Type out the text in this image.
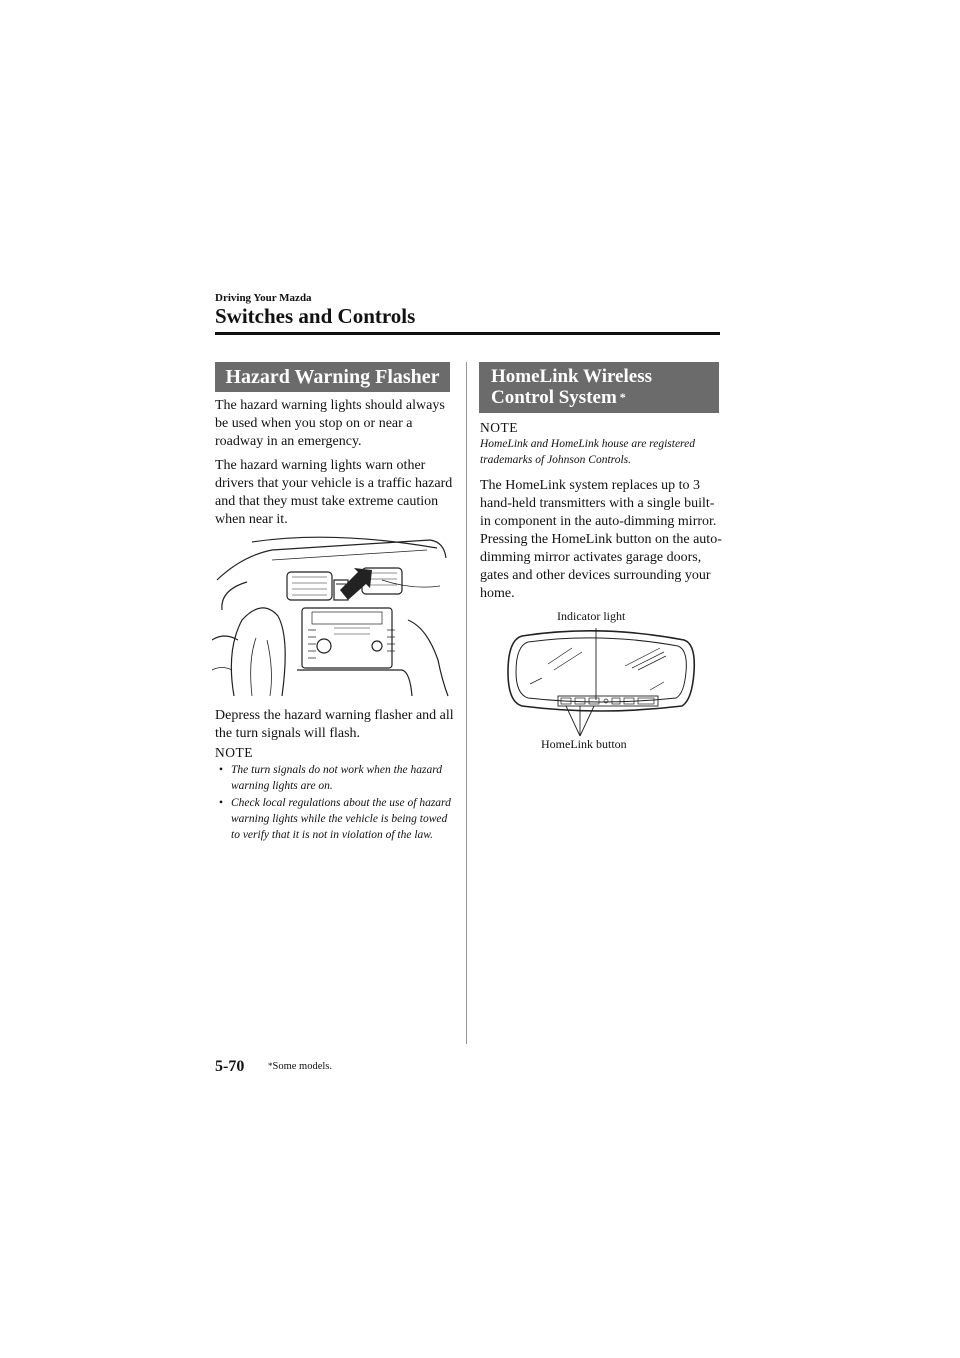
Driving Your Mazda
Switches and Controls
Hazard Warning Flasher
The hazard warning lights should always be used when you stop on or near a roadway in an emergency.
The hazard warning lights warn other drivers that your vehicle is a traffic hazard and that they must take extreme caution when near it.
Depress the hazard warning flasher and all the turn signals will flash.
NOTE
• The turn signals do not work when the hazard warning lights are on.
• Check local regulations about the use of hazard warning lights while the vehicle is being towed to verify that it is not in violation of the law.
HomeLink Wireless
Control System *
NOTE
HomeLink and HomeLink house are registered trademarks of Johnson Controls.
The HomeLink system replaces up to 3 hand-held transmitters with a single built-in component in the auto-dimming mirror. Pressing the HomeLink button on the auto-dimming mirror activates garage doors, gates and other devices surrounding your home.
Indicator light
HomeLink button
5-70	*Some models.
